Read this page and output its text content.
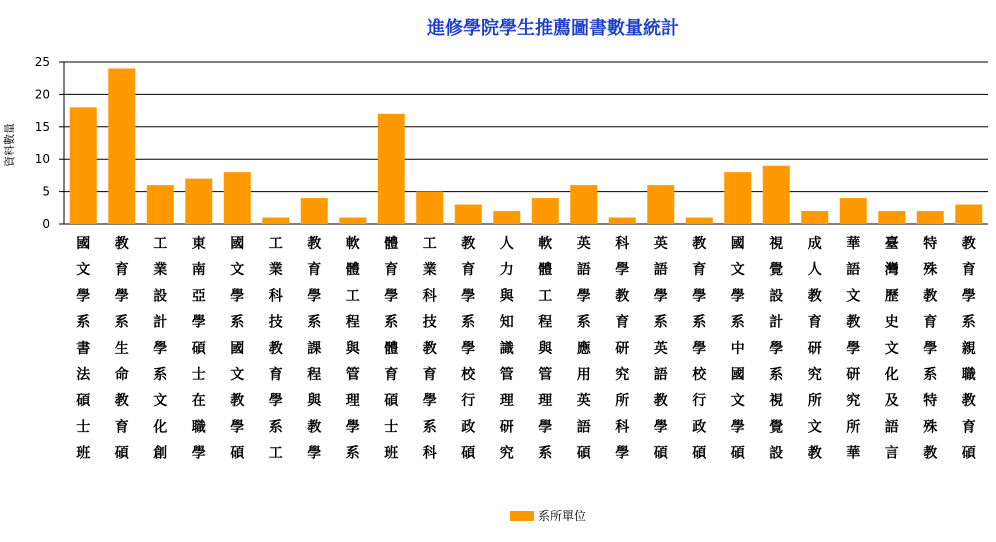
進修學院學生推薦圖書數量統計
資料數量
0
5
10
15
20
25
國文學系書法碩士班
教育學系生命教育碩
工業設計學系文化創
東南亞學碩士在職學
國文學系國文教學碩
工業科技教育學系工
教育學系課程與教學
軟體工程與管理學系
體育學系體育碩士班
工業科技教育學系科
教育學系學校行政碩
人力與知識管理研究
軟體工程與管理學系
英語學系應用英語碩
科學教育研究所科學
英語學系英語教學碩
教育學系學校行政碩
國文學系中國文學碩
視覺設計學系視覺設
成人教育研究所文教
華語文教學研究所華
臺灣歷史文化及語言
特殊教育學系特殊教
教育學系親職教育碩
系所單位
